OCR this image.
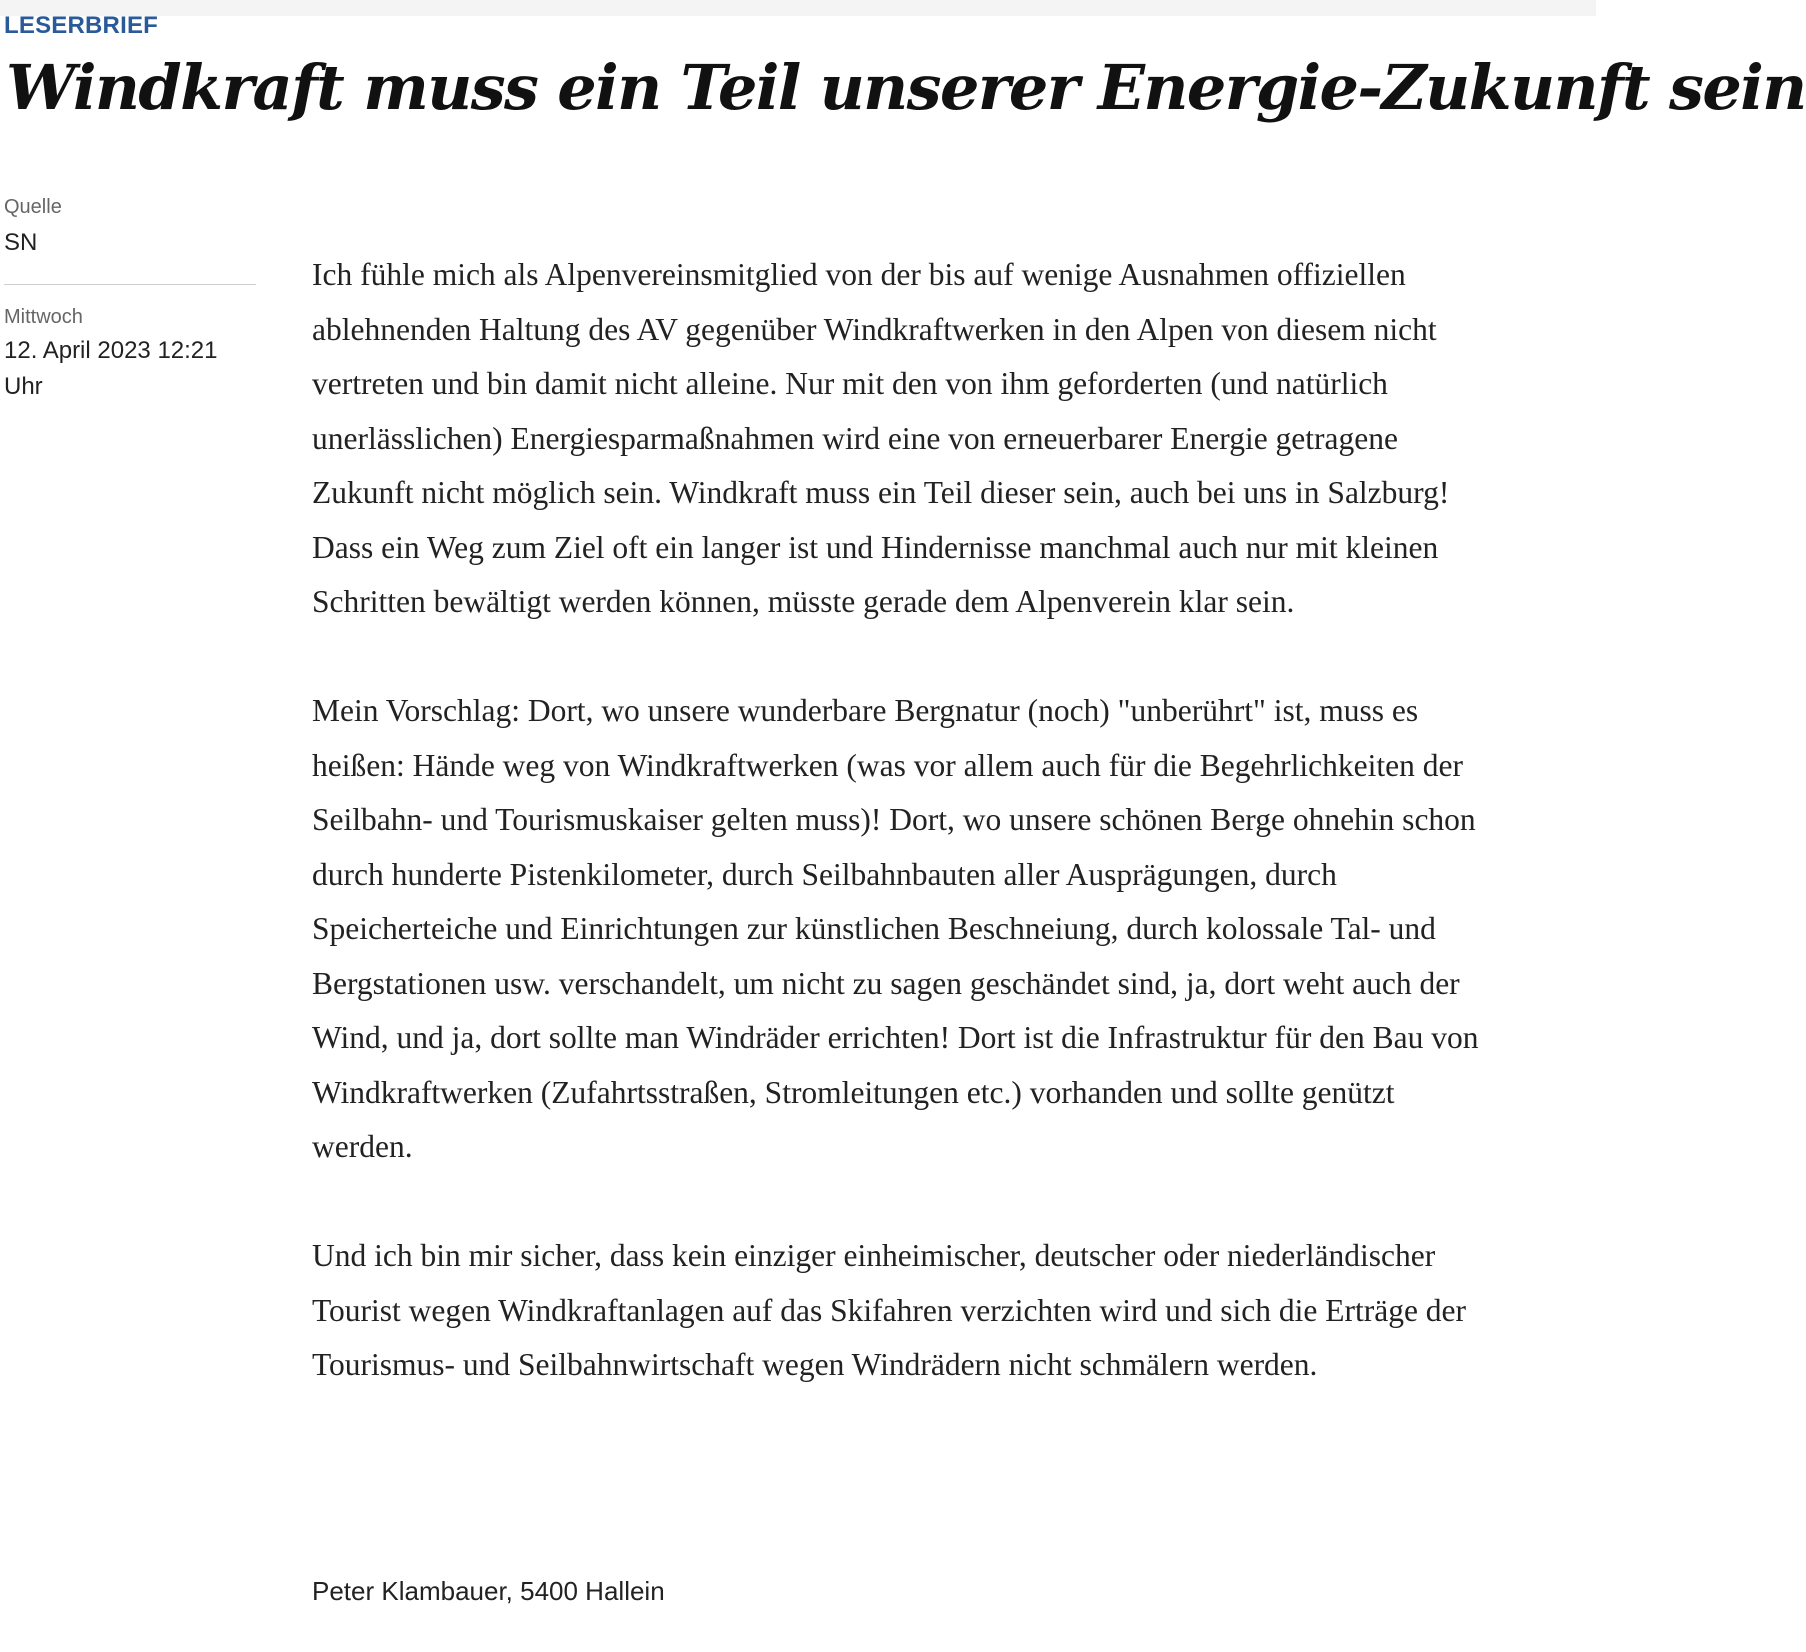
LESERBRIEF
Windkraft muss ein Teil unserer Energie-Zukunft sein
Quelle
SN
Mittwoch
12. April 2023 12:21 Uhr

Ich fühle mich als Alpenvereinsmitglied von der bis auf wenige Ausnahmen offiziellen ablehnenden Haltung des AV gegenüber Windkraftwerken in den Alpen von diesem nicht vertreten und bin damit nicht alleine. Nur mit den von ihm geforderten (und natürlich unerlässlichen) Energiesparmaßnahmen wird eine von erneuerbarer Energie getragene Zukunft nicht möglich sein. Windkraft muss ein Teil dieser sein, auch bei uns in Salzburg! Dass ein Weg zum Ziel oft ein langer ist und Hindernisse manchmal auch nur mit kleinen Schritten bewältigt werden können, müsste gerade dem Alpenverein klar sein.

Mein Vorschlag: Dort, wo unsere wunderbare Bergnatur (noch) "unberührt" ist, muss es heißen: Hände weg von Windkraftwerken (was vor allem auch für die Begehrlichkeiten der Seilbahn- und Tourismuskaiser gelten muss)! Dort, wo unsere schönen Berge ohnehin schon durch hunderte Pistenkilometer, durch Seilbahnbauten aller Ausprägungen, durch Speicherteiche und Einrichtungen zur künstlichen Beschneiung, durch kolossale Tal- und Bergstationen usw. verschandelt, um nicht zu sagen geschändet sind, ja, dort weht auch der Wind, und ja, dort sollte man Windräder errichten! Dort ist die Infrastruktur für den Bau von Windkraftwerken (Zufahrtsstraßen, Stromleitungen etc.) vorhanden und sollte genützt werden.

Und ich bin mir sicher, dass kein einziger einheimischer, deutscher oder niederländischer Tourist wegen Windkraftanlagen auf das Skifahren verzichten wird und sich die Erträge der Tourismus- und Seilbahnwirtschaft wegen Windrädern nicht schmälern werden.

Peter Klambauer, 5400 Hallein
